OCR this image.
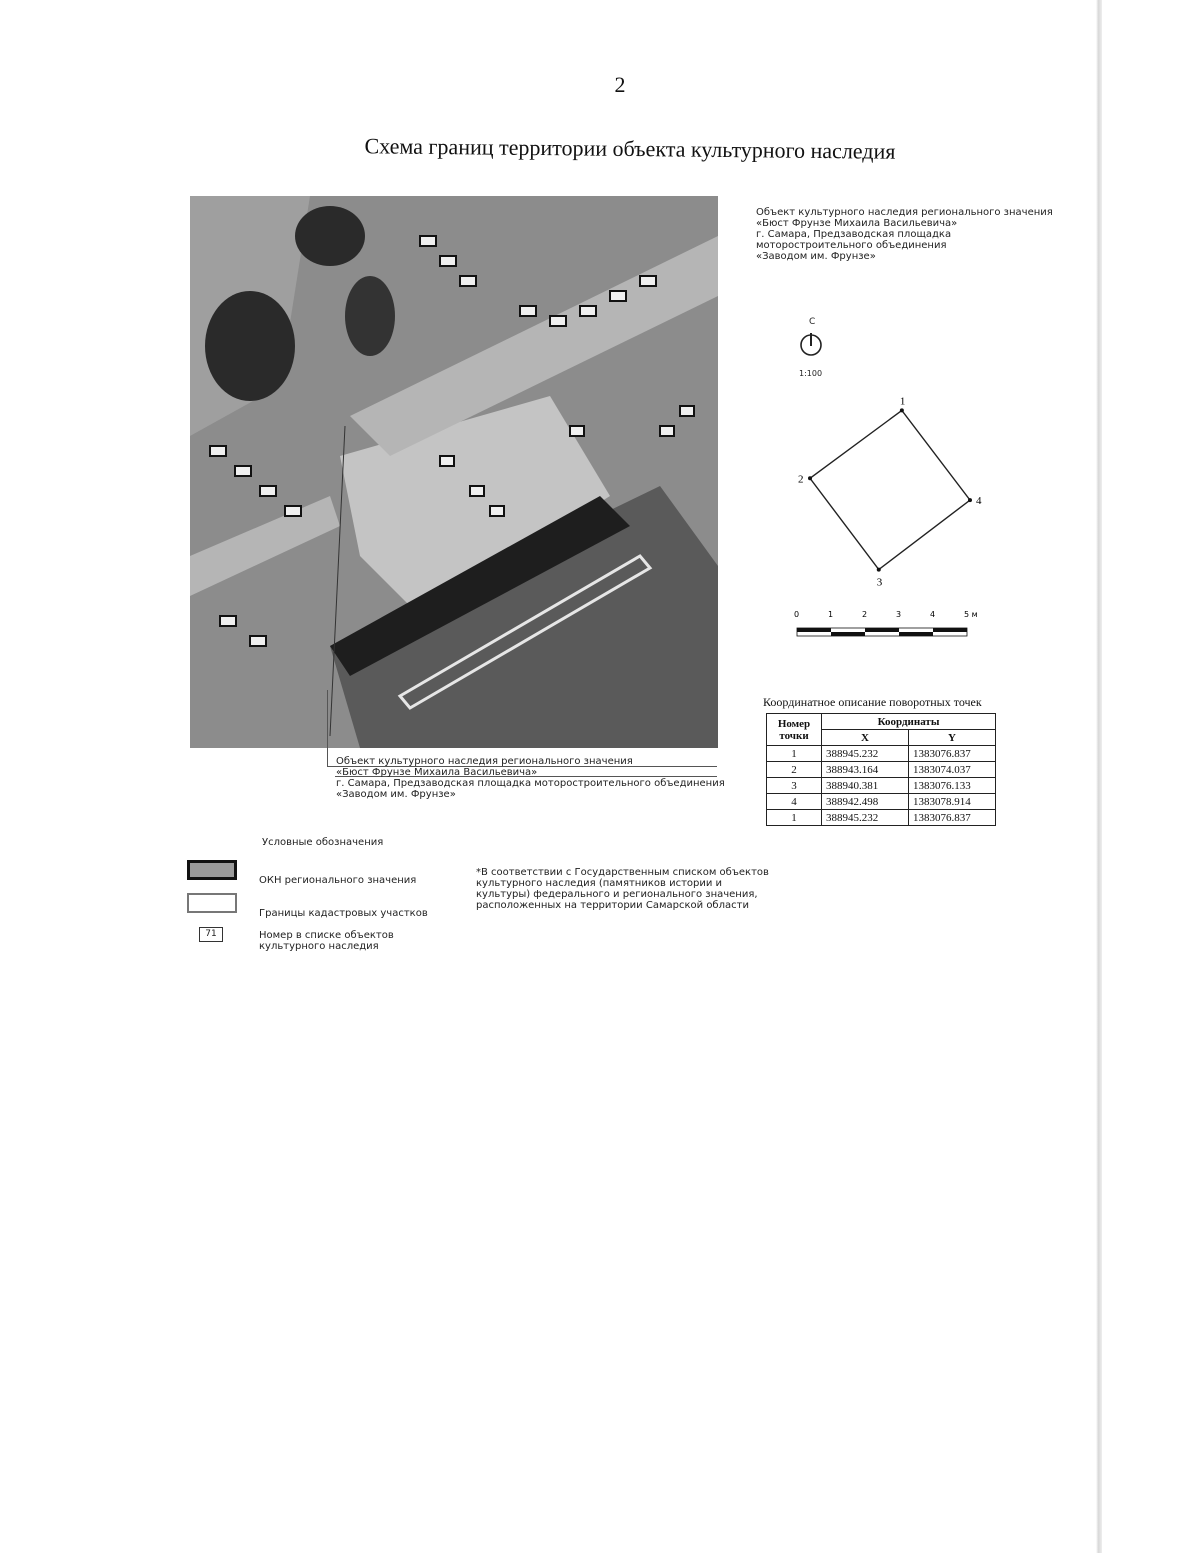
2
Схема границ территории объекта культурного наследия
Объект культурного наследия регионального значения
«Бюст Фрунзе Михаила Васильевича»
г. Самара, Предзаводская площадка
моторостроительного объединения
«Заводом им. Фрунзе»
С
1:100
1
2
3
4
0	1	2	3	4	5 м
Координатное описание поворотных точек
Номер точки	Координаты	
	X	Y
1	388945.232	1383076.837
2	388943.164	1383074.037
3	388940.381	1383076.133
4	388942.498	1383078.914
1	388945.232	1383076.837
Объект культурного наследия регионального значения
«Бюст Фрунзе Михаила Васильевича»
г. Самара, Предзаводская площадка моторостроительного объединения
«Заводом им. Фрунзе»
Условные обозначения
ОКН регионального значения
Границы кадастровых участков
71	Номер в списке объектов культурного наследия
*В соответствии с Государственным списком объектов культурного наследия (памятников истории и культуры) федерального и регионального значения, расположенных на территории Самарской области
